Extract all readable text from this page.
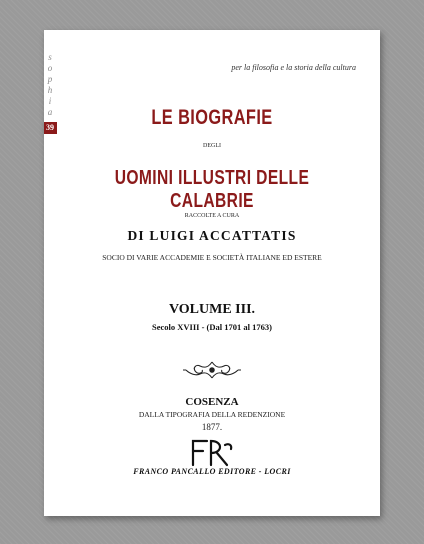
s
o
p
h
i
a
39
per la filosofia e la storia della cultura
LE BIOGRAFIE
DEGLI
UOMINI ILLUSTRI DELLE CALABRIE
RACCOLTE A CURA
DI LUIGI ACCATTATIS
SOCIO DI VARIE ACCADEMIE E SOCIETÀ ITALIANE ED ESTERE
VOLUME III.
Secolo XVIII - (Dal 1701 al 1763)
COSENZA
DALLA TIPOGRAFIA DELLA REDENZIONE
1877.
FRANCO PANCALLO EDITORE - LOCRI
